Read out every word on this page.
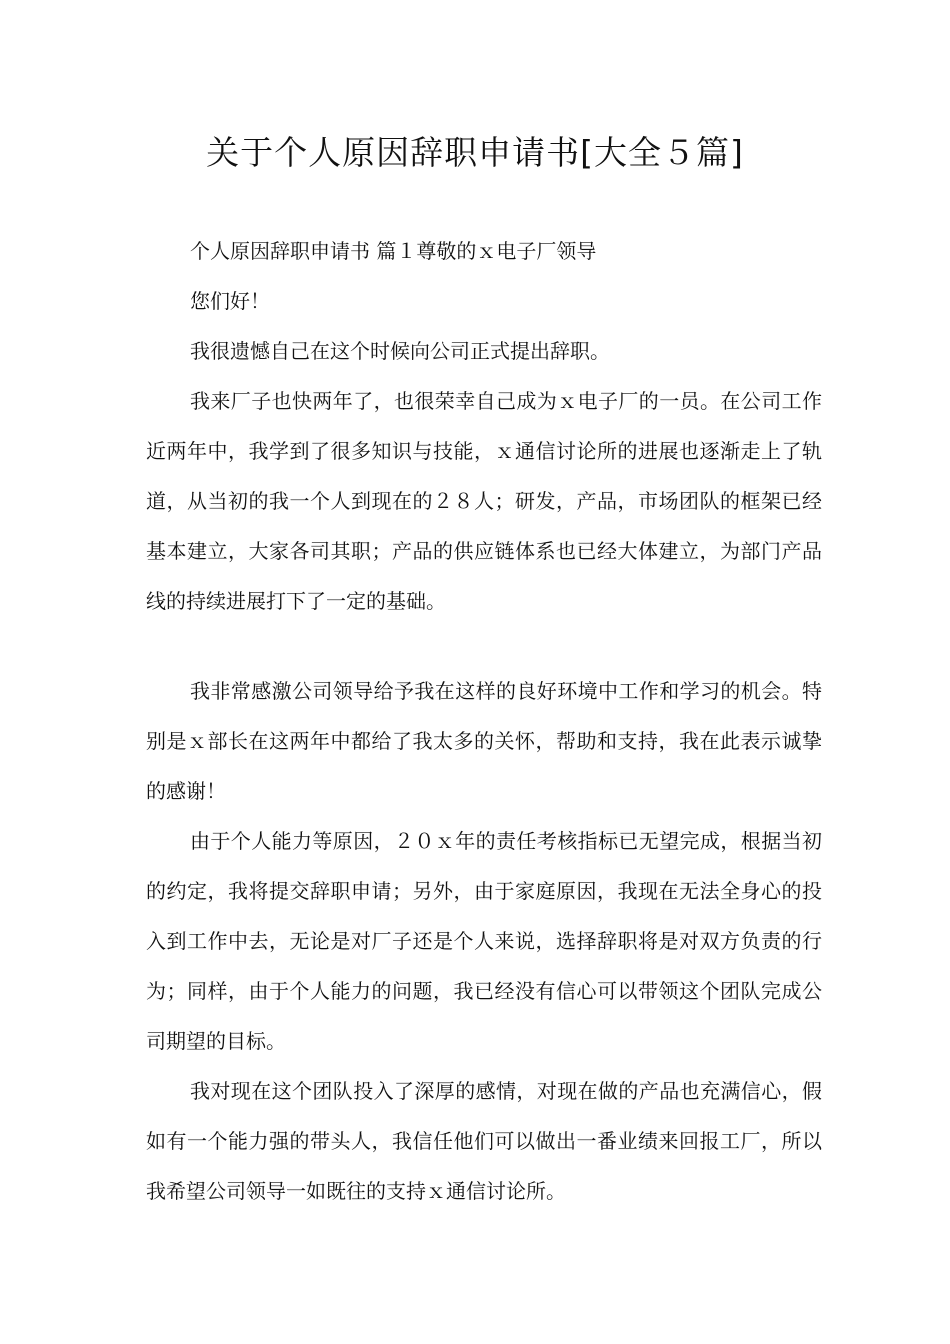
关于个人原因辞职申请书[大全５篇]

个人原因辞职申请书 篇１尊敬的ｘ电子厂领导

您们好！

我很遗憾自己在这个时候向公司正式提出辞职。

我来厂子也快两年了，也很荣幸自己成为ｘ电子厂的一员。在公司工作近两年中，我学到了很多知识与技能，ｘ通信讨论所的进展也逐渐走上了轨道，从当初的我一个人到现在的２８人；研发，产品，市场团队的框架已经基本建立，大家各司其职；产品的供应链体系也已经大体建立，为部门产品线的持续进展打下了一定的基础。

我非常感激公司领导给予我在这样的良好环境中工作和学习的机会。特别是ｘ部长在这两年中都给了我太多的关怀，帮助和支持，我在此表示诚挚的感谢！

由于个人能力等原因，２０ｘ年的责任考核指标已无望完成，根据当初的约定，我将提交辞职申请；另外，由于家庭原因，我现在无法全身心的投入到工作中去，无论是对厂子还是个人来说，选择辞职将是对双方负责的行为；同样，由于个人能力的问题，我已经没有信心可以带领这个团队完成公司期望的目标。

我对现在这个团队投入了深厚的感情，对现在做的产品也充满信心，假如有一个能力强的带头人，我信任他们可以做出一番业绩来回报工厂，所以我希望公司领导一如既往的支持ｘ通信讨论所。
